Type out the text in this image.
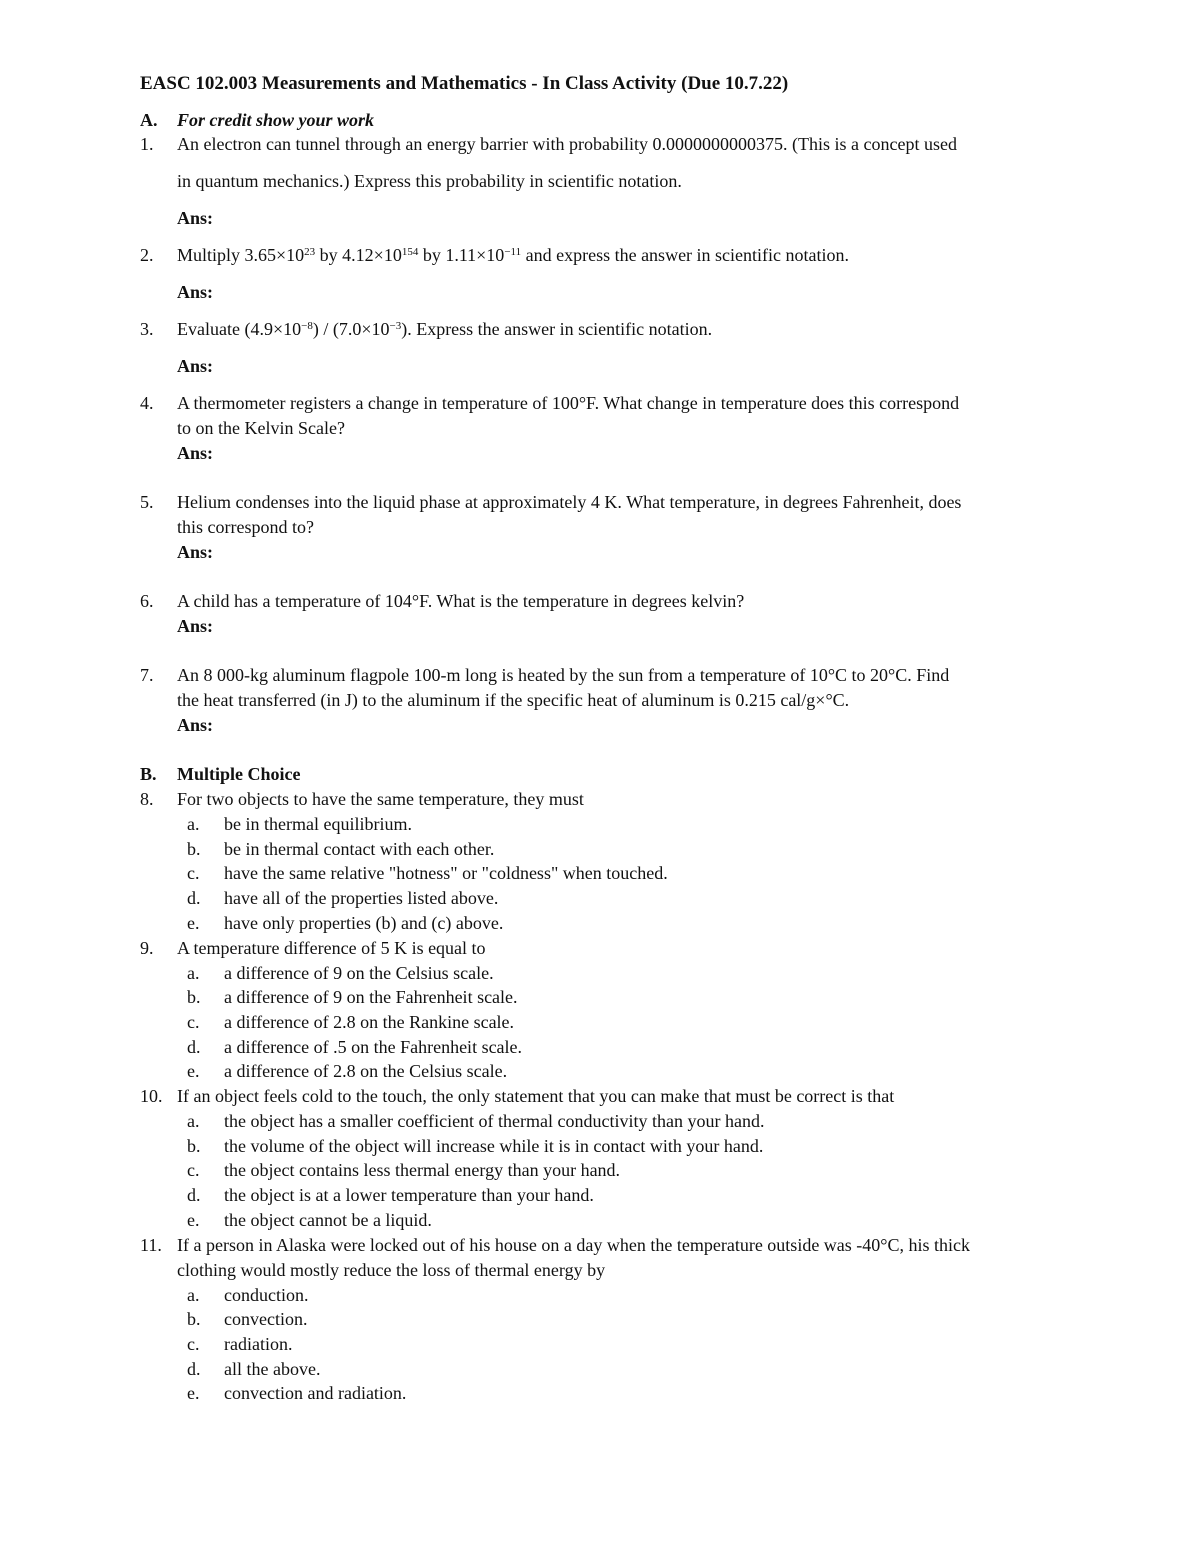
EASC 102.003 Measurements and Mathematics - In Class Activity (Due 10.7.22)
A.	For credit show your work
1.	An electron can tunnel through an energy barrier with probability 0.0000000000375. (This is a concept used
in quantum mechanics.) Express this probability in scientific notation.
Ans:
2.	Multiply $3.65\times 10^{23}$ by $4.12\times 10^{154}$ by $1.11\times 10^{-11}$ and express the answer in scientific notation.
Ans:
3.	Evaluate $(4.9\times 10^{-8}) / (7.0\times 10^{-3})$. Express the answer in scientific notation.
Ans:
4.	A thermometer registers a change in temperature of 100°F. What change in temperature does this correspond
to on the Kelvin Scale?
Ans:
5.	Helium condenses into the liquid phase at approximately 4 K. What temperature, in degrees Fahrenheit, does
this correspond to?
Ans:
6.	A child has a temperature of 104°F. What is the temperature in degrees kelvin?
Ans:
7.	An 8 000-kg aluminum flagpole 100-m long is heated by the sun from a temperature of 10°C to 20°C. Find
the heat transferred (in J) to the aluminum if the specific heat of aluminum is 0.215 cal/g×°C.
Ans:
B.	Multiple Choice
8.	For two objects to have the same temperature, they must
a.	be in thermal equilibrium.
b.	be in thermal contact with each other.
c.	have the same relative "hotness" or "coldness" when touched.
d.	have all of the properties listed above.
e.	have only properties (b) and (c) above.
9.	A temperature difference of 5 K is equal to
a.	a difference of 9 on the Celsius scale.
b.	a difference of 9 on the Fahrenheit scale.
c.	a difference of 2.8 on the Rankine scale.
d.	a difference of .5 on the Fahrenheit scale.
e.	a difference of 2.8 on the Celsius scale.
10. If an object feels cold to the touch, the only statement that you can make that must be correct is that
a.	the object has a smaller coefficient of thermal conductivity than your hand.
b.	the volume of the object will increase while it is in contact with your hand.
c.	the object contains less thermal energy than your hand.
d.	the object is at a lower temperature than your hand.
e.	the object cannot be a liquid.
11. If a person in Alaska were locked out of his house on a day when the temperature outside was -40°C, his thick
clothing would mostly reduce the loss of thermal energy by
a.	conduction.
b.	convection.
c.	radiation.
d.	all the above.
e.	convection and radiation.
